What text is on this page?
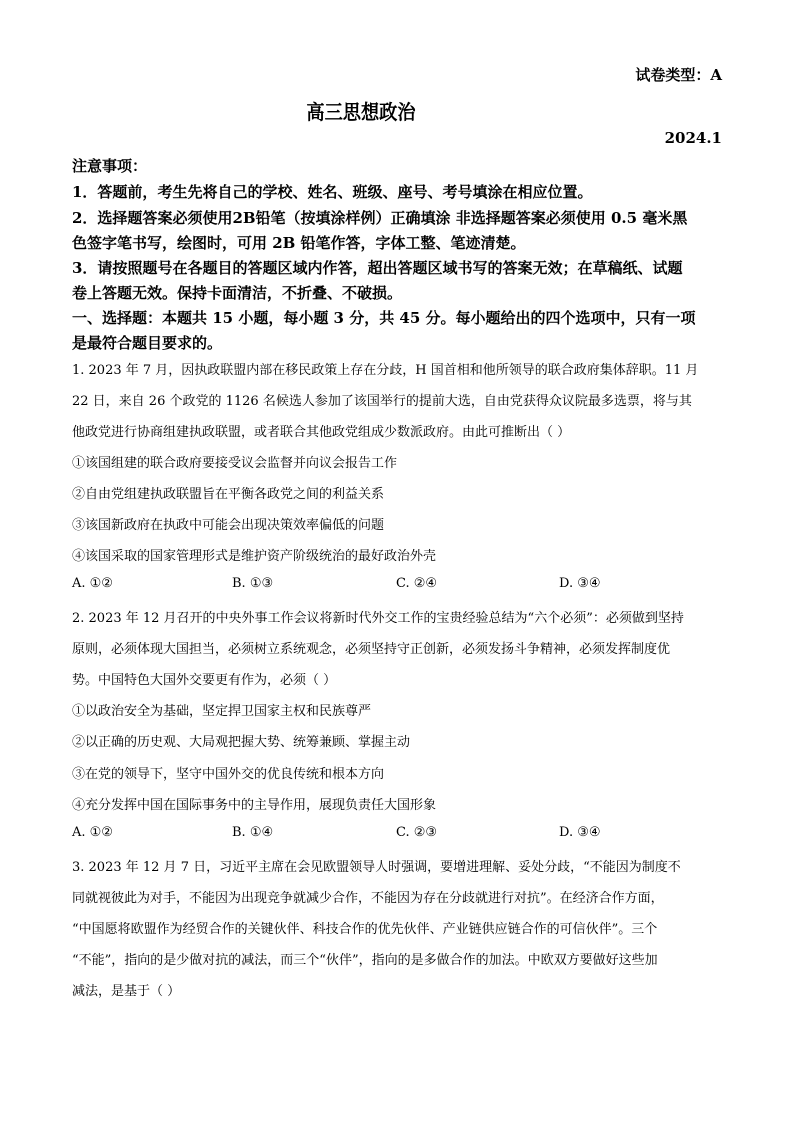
试卷类型：A
高三思想政治
2024.1
注意事项：
1．答题前，考生先将自己的学校、姓名、班级、座号、考号填涂在相应位置。
2．选择题答案必须使用2B铅笔（按填涂样例）正确填涂 非选择题答案必须使用 0.5 毫米黑
色签字笔书写，绘图时，可用 2B 铅笔作答，字体工整、笔迹清楚。
3．请按照题号在各题目的答题区域内作答，超出答题区域书写的答案无效；在草稿纸、试题
卷上答题无效。保持卡面清洁，不折叠、不破损。
一、选择题：本题共 15 小题，每小题 3 分，共 45 分。每小题给出的四个选项中，只有一项
是最符合题目要求的。
1. 2023 年 7 月，因执政联盟内部在移民政策上存在分歧，H 国首相和他所领导的联合政府集体辞职。11 月
22 日，来自 26 个政党的 1126 名候选人参加了该国举行的提前大选，自由党获得众议院最多选票，将与其
他政党进行协商组建执政联盟，或者联合其他政党组成少数派政府。由此可推断出（ ）
①该国组建的联合政府要接受议会监督并向议会报告工作
②自由党组建执政联盟旨在平衡各政党之间的利益关系
③该国新政府在执政中可能会出现决策效率偏低的问题
④该国采取的国家管理形式是维护资产阶级统治的最好政治外壳
A. ①②	B. ①③	C. ②④	D. ③④
2. 2023 年 12 月召开的中央外事工作会议将新时代外交工作的宝贵经验总结为“六个必须”：必须做到坚持
原则，必须体现大国担当，必须树立系统观念，必须坚持守正创新，必须发扬斗争精神，必须发挥制度优
势。中国特色大国外交要更有作为，必须（ ）
①以政治安全为基础，坚定捍卫国家主权和民族尊严
②以正确的历史观、大局观把握大势、统筹兼顾、掌握主动
③在党的领导下，坚守中国外交的优良传统和根本方向
④充分发挥中国在国际事务中的主导作用，展现负责任大国形象
A. ①②	B. ①④	C. ②③	D. ③④
3. 2023 年 12 月 7 日，习近平主席在会见欧盟领导人时强调，要增进理解、妥处分歧，“不能因为制度不
同就视彼此为对手，不能因为出现竞争就减少合作，不能因为存在分歧就进行对抗”。在经济合作方面，
“中国愿将欧盟作为经贸合作的关键伙伴、科技合作的优先伙伴、产业链供应链合作的可信伙伴”。三个
“不能”，指向的是少做对抗的减法，而三个“伙伴”，指向的是多做合作的加法。中欧双方要做好这些加
减法，是基于（ ）
